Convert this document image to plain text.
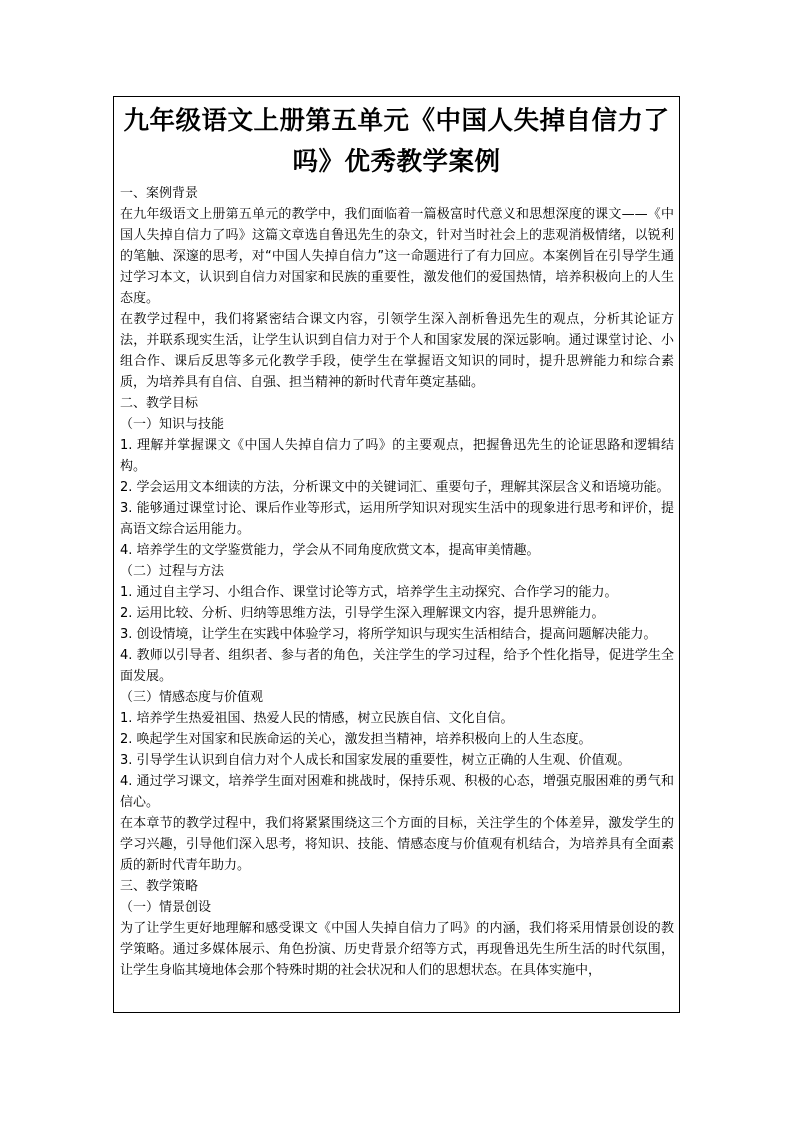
九年级语文上册第五单元《中国人失掉自信力了吗》优秀教学案例

一、案例背景

在九年级语文上册第五单元的教学中，我们面临着一篇极富时代意义和思想深度的课文——《中国人失掉自信力了吗》这篇文章选自鲁迅先生的杂文，针对当时社会上的悲观消极情绪，以锐利的笔触、深邃的思考，对“中国人失掉自信力”这一命题进行了有力回应。本案例旨在引导学生通过学习本文，认识到自信力对国家和民族的重要性，激发他们的爱国热情，培养积极向上的人生态度。

在教学过程中，我们将紧密结合课文内容，引领学生深入剖析鲁迅先生的观点，分析其论证方法，并联系现实生活，让学生认识到自信力对于个人和国家发展的深远影响。通过课堂讨论、小组合作、课后反思等多元化教学手段，使学生在掌握语文知识的同时，提升思辨能力和综合素质，为培养具有自信、自强、担当精神的新时代青年奠定基础。

二、教学目标

（一）知识与技能

1. 理解并掌握课文《中国人失掉自信力了吗》的主要观点，把握鲁迅先生的论证思路和逻辑结构。

2. 学会运用文本细读的方法，分析课文中的关键词汇、重要句子，理解其深层含义和语境功能。

3. 能够通过课堂讨论、课后作业等形式，运用所学知识对现实生活中的现象进行思考和评价，提高语文综合运用能力。

4. 培养学生的文学鉴赏能力，学会从不同角度欣赏文本，提高审美情趣。

（二）过程与方法

1. 通过自主学习、小组合作、课堂讨论等方式，培养学生主动探究、合作学习的能力。

2. 运用比较、分析、归纳等思维方法，引导学生深入理解课文内容，提升思辨能力。

3. 创设情境，让学生在实践中体验学习，将所学知识与现实生活相结合，提高问题解决能力。

4. 教师以引导者、组织者、参与者的角色，关注学生的学习过程，给予个性化指导，促进学生全面发展。

（三）情感态度与价值观

1. 培养学生热爱祖国、热爱人民的情感，树立民族自信、文化自信。

2. 唤起学生对国家和民族命运的关心，激发担当精神，培养积极向上的人生态度。

3. 引导学生认识到自信力对个人成长和国家发展的重要性，树立正确的人生观、价值观。

4. 通过学习课文，培养学生面对困难和挑战时，保持乐观、积极的心态，增强克服困难的勇气和信心。

在本章节的教学过程中，我们将紧紧围绕这三个方面的目标，关注学生的个体差异，激发学生的学习兴趣，引导他们深入思考，将知识、技能、情感态度与价值观有机结合，为培养具有全面素质的新时代青年助力。

三、教学策略

（一）情景创设

为了让学生更好地理解和感受课文《中国人失掉自信力了吗》的内涵，我们将采用情景创设的教学策略。通过多媒体展示、角色扮演、历史背景介绍等方式，再现鲁迅先生所生活的时代氛围，让学生身临其境地体会那个特殊时期的社会状况和人们的思想状态。在具体实施中，
